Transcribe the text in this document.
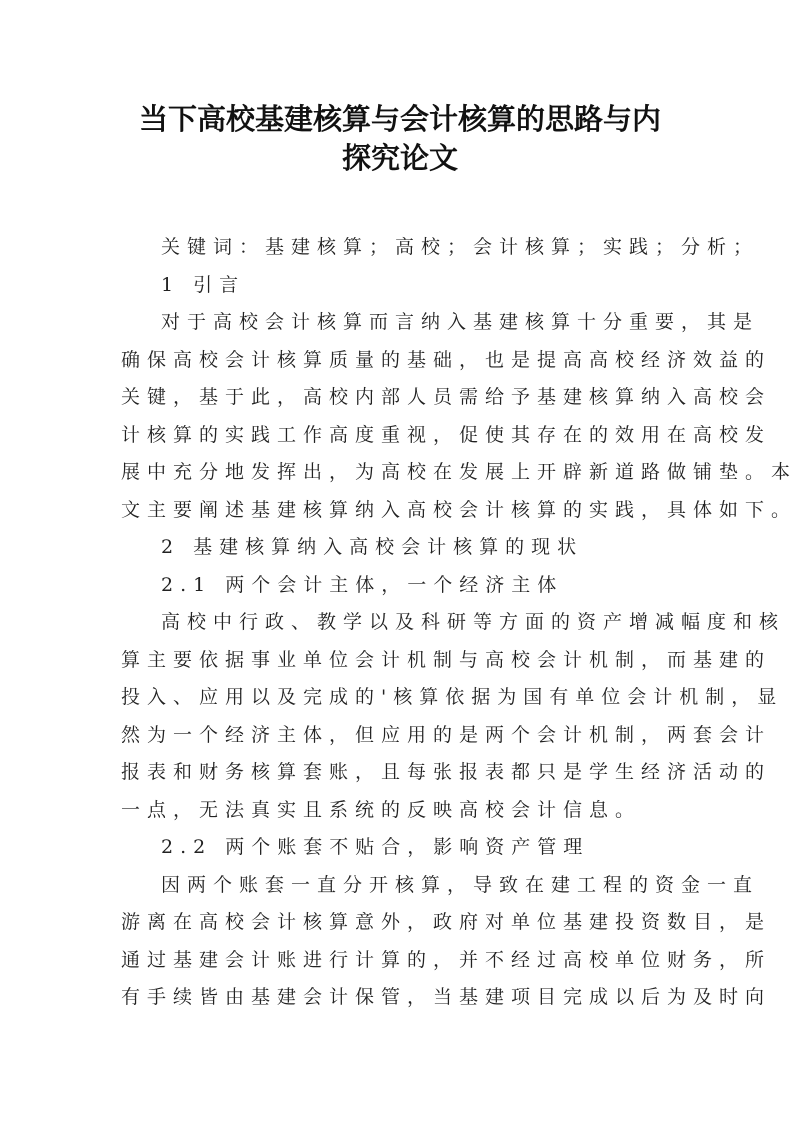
当下高校基建核算与会计核算的思路与内
探究论文
关键词：基建核算；高校；会计核算；实践；分析；
1 引言
对于高校会计核算而言纳入基建核算十分重要，其是
确保高校会计核算质量的基础，也是提高高校经济效益的
关键，基于此，高校内部人员需给予基建核算纳入高校会
计核算的实践工作高度重视，促使其存在的效用在高校发
展中充分地发挥出，为高校在发展上开辟新道路做铺垫。本
文主要阐述基建核算纳入高校会计核算的实践，具体如下。
2 基建核算纳入高校会计核算的现状
2.1 两个会计主体，一个经济主体
高校中行政、教学以及科研等方面的资产增减幅度和核
算主要依据事业单位会计机制与高校会计机制，而基建的
投入、应用以及完成的'核算依据为国有单位会计机制，显
然为一个经济主体，但应用的是两个会计机制，两套会计
报表和财务核算套账，且每张报表都只是学生经济活动的
一点，无法真实且系统的反映高校会计信息。
2.2 两个账套不贴合，影响资产管理
因两个账套一直分开核算，导致在建工程的资金一直
游离在高校会计核算意外，政府对单位基建投资数目，是
通过基建会计账进行计算的，并不经过高校单位财务，所
有手续皆由基建会计保管，当基建项目完成以后为及时向
